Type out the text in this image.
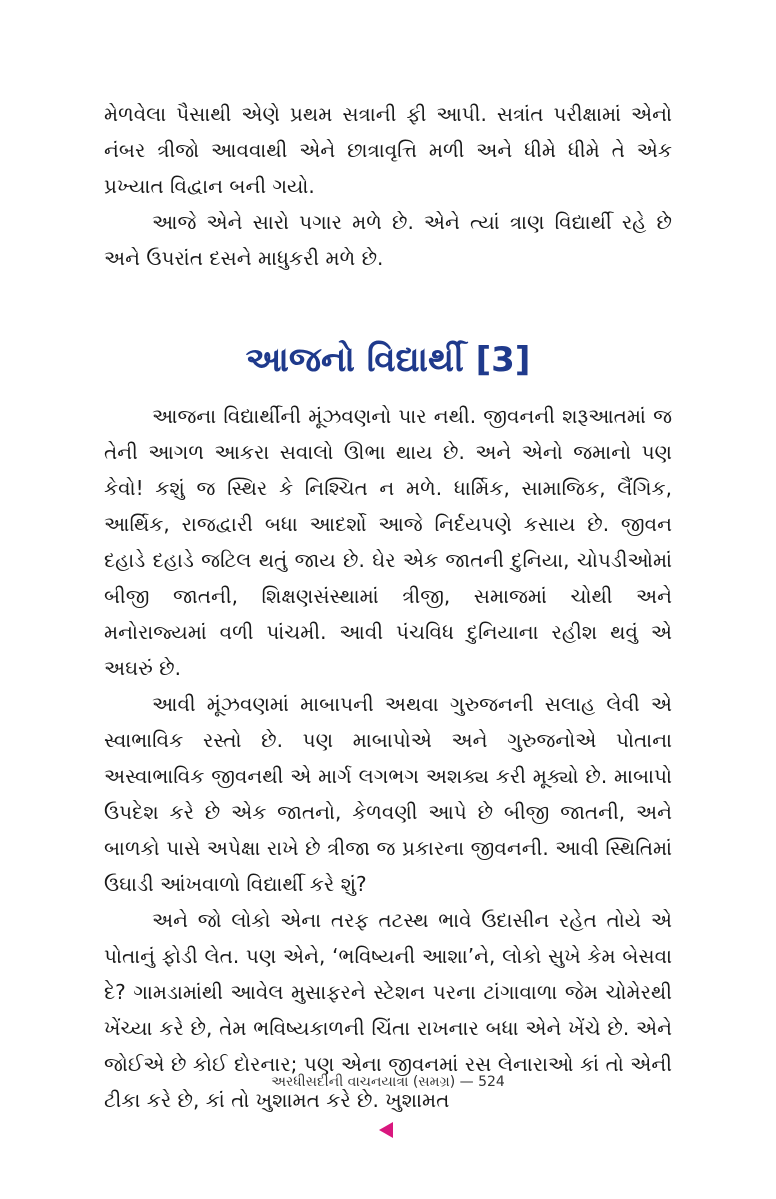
મેળવેલા પૈસાથી એણે પ્રથમ સત્રાની ફી આપી. સત્રાંત પરીક્ષામાં એનો નંબર ત્રીજો આવવાથી એને છાત્રાવૃત્તિ મળી અને ધીમે ધીમે તે એક પ્રખ્યાત વિદ્વાન બની ગયો.

આજે એને સારો પગાર મળે છે. એને ત્યાં ત્રાણ વિદ્યાર્થી રહે છે અને ઉપરાંત દસને માધુકરી મળે છે.

આજનો વિદ્યાર્થી [3]

આજના વિદ્યાર્થીની મૂંઝવણનો પાર નથી. જીવનની શરૂઆતમાં જ તેની આગળ આકરા સવાલો ઊભા થાય છે. અને એનો જમાનો પણ કેવો! કશું જ સ્થિર કે નિશ્ચિત ન મળે. ધાર્મિક, સામાજિક, લૈંગિક, આર્થિક, રાજદ્વારી બધા આદર્શો આજે નિર્દયપણે કસાય છે. જીવન દહાડે દહાડે જટિલ થતું જાય છે. ઘેર એક જાતની દુનિયા, ચોપડીઓમાં બીજી જાતની, શિક્ષણસંસ્થામાં ત્રીજી, સમાજમાં ચોથી અને મનોરાજ્યમાં વળી પાંચમી. આવી પંચવિધ દુનિયાના રહીશ થવું એ અઘરું છે.

આવી મૂંઝવણમાં માબાપની અથવા ગુરુજનની સલાહ લેવી એ સ્વાભાવિક રસ્તો છે. પણ માબાપોએ અને ગુરુજનોએ પોતાના અસ્વાભાવિક જીવનથી એ માર્ગ લગભગ અશક્ય કરી મૂક્યો છે. માબાપો ઉપદેશ કરે છે એક જાતનો, કેળવણી આપે છે બીજી જાતની, અને બાળકો પાસે અપેક્ષા રાખે છે ત્રીજા જ પ્રકારના જીવનની. આવી સ્થિતિમાં ઉઘાડી આંખવાળો વિદ્યાર્થી કરે શું?

અને જો લોકો એના તરફ તટસ્થ ભાવે ઉદાસીન રહેત તોયે એ પોતાનું ફોડી લેત. પણ એને, ‘ભવિષ્યની આશા’ને, લોકો સુખે કેમ બેસવા દે? ગામડામાંથી આવેલ મુસાફરને સ્ટેશન પરના ટાંગાવાળા જેમ ચોમેરથી ખેંચ્યા કરે છે, તેમ ભવિષ્યકાળની ચિંતા રાખનાર બધા એને ખેંચે છે. એને જોઈએ છે કોઈ દોરનાર; પણ એના જીવનમાં રસ લેનારાઓ કાં તો એની ટીકા કરે છે, કાં તો ખુશામત કરે છે. ખુશામત

અરધીસદીની વાચનયાત્રા (સમગ્ર) — 524
